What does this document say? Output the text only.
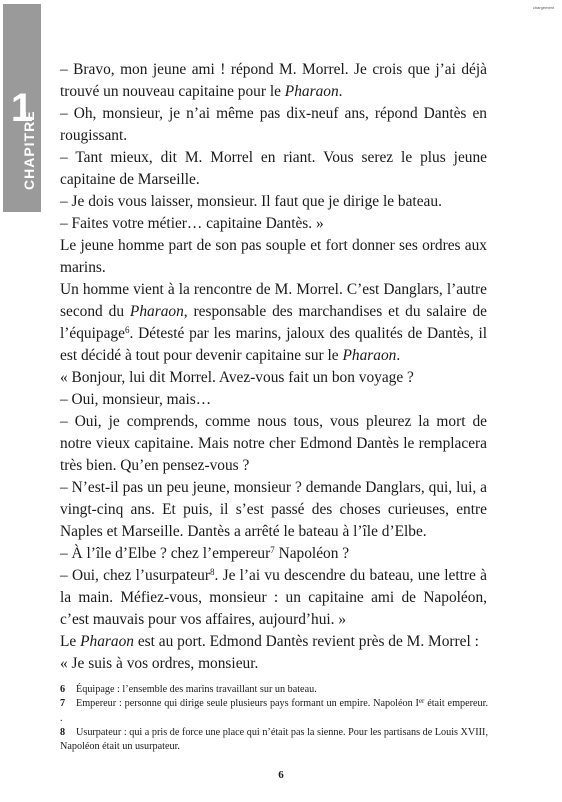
1
CHAPITRE
chargement

– Bravo, mon jeune ami ! répond M. Morrel. Je crois que j’ai déjà trouvé un nouveau capitaine pour le Pharaon.

– Oh, monsieur, je n’ai même pas dix-neuf ans, répond Dantès en rougissant.

– Tant mieux, dit M. Morrel en riant. Vous serez le plus jeune capitaine de Marseille.

– Je dois vous laisser, monsieur. Il faut que je dirige le bateau.

– Faites votre métier… capitaine Dantès. »

Le jeune homme part de son pas souple et fort donner ses ordres aux marins.

Un homme vient à la rencontre de M. Morrel. C’est Danglars, l’autre second du Pharaon, responsable des marchandises et du salaire de l’équipage$^6$. Détesté par les marins, jaloux des qualités de Dantès, il est décidé à tout pour devenir capitaine sur le Pharaon.

« Bonjour, lui dit Morrel. Avez-vous fait un bon voyage ?

– Oui, monsieur, mais…

– Oui, je comprends, comme nous tous, vous pleurez la mort de notre vieux capitaine. Mais notre cher Edmond Dantès le remplacera très bien. Qu’en pensez-vous ?

– N’est-il pas un peu jeune, monsieur ? demande Danglars, qui, lui, a vingt-cinq ans. Et puis, il s’est passé des choses curieuses, entre Naples et Marseille. Dantès a arrêté le bateau à l’île d’Elbe.

– À l’île d’Elbe ? chez l’empereur$^7$ Napoléon ?

– Oui, chez l’usurpateur$^8$. Je l’ai vu descendre du bateau, une lettre à la main. Méfiez-vous, monsieur : un capitaine ami de Napoléon, c’est mauvais pour vos affaires, aujourd’hui. »

Le Pharaon est au port. Edmond Dantès revient près de M. Morrel :

« Je suis à vos ordres, monsieur.

6 Équipage : l’ensemble des marins travaillant sur un bateau.

7 Empereur : personne qui dirige seule plusieurs pays formant un empire. Napoléon Ier était empereur. .

8 Usurpateur : qui a pris de force une place qui n’était pas la sienne. Pour les partisans de Louis XVIII, Napoléon était un usurpateur.

6
